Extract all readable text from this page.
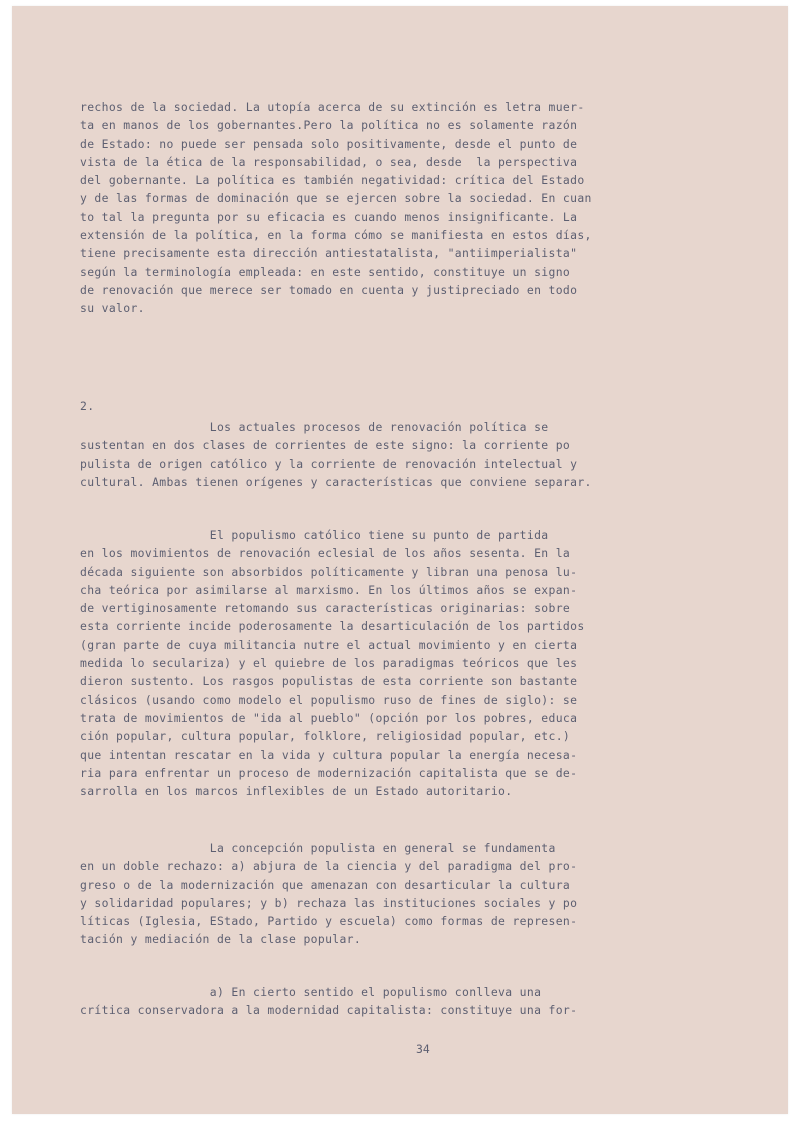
rechos de la sociedad. La utopía acerca de su extinción es letra muer-
ta en manos de los gobernantes.Pero la política no es solamente razón
de Estado: no puede ser pensada solo positivamente, desde el punto de
vista de la ética de la responsabilidad, o sea, desde  la perspectiva
del gobernante. La política es también negatividad: crítica del Estado
y de las formas de dominación que se ejercen sobre la sociedad. En cuan
to tal la pregunta por su eficacia es cuando menos insignificante. La
extensión de la política, en la forma cómo se manifiesta en estos días,
tiene precisamente esta dirección antiestatalista, "antiimperialista"
según la terminología empleada: en este sentido, constituye un signo
de renovación que merece ser tomado en cuenta y justipreciado en todo
su valor.

2.

Los actuales procesos de renovación política se
sustentan en dos clases de corrientes de este signo: la corriente po
pulista de origen católico y la corriente de renovación intelectual y
cultural. Ambas tienen orígenes y características que conviene separar.
El populismo católico tiene su punto de partida
en los movimientos de renovación eclesial de los años sesenta. En la
década siguiente son absorbidos políticamente y libran una penosa lu-
cha teórica por asimilarse al marxismo. En los últimos años se expan-
de vertiginosamente retomando sus características originarias: sobre
esta corriente incide poderosamente la desarticulación de los partidos
(gran parte de cuya militancia nutre el actual movimiento y en cierta
medida lo seculariza) y el quiebre de los paradigmas teóricos que les
dieron sustento. Los rasgos populistas de esta corriente son bastante
clásicos (usando como modelo el populismo ruso de fines de siglo): se
trata de movimientos de "ida al pueblo" (opción por los pobres, educa
ción popular, cultura popular, folklore, religiosidad popular, etc.)
que intentan rescatar en la vida y cultura popular la energía necesa-
ria para enfrentar un proceso de modernización capitalista que se de-
sarrolla en los marcos inflexibles de un Estado autoritario.
La concepción populista en general se fundamenta
en un doble rechazo: a) abjura de la ciencia y del paradigma del pro-
greso o de la modernización que amenazan con desarticular la cultura
y solidaridad populares; y b) rechaza las instituciones sociales y po
líticas (Iglesia, EStado, Partido y escuela) como formas de represen-
tación y mediación de la clase popular.
a) En cierto sentido el populismo conlleva una
crítica conservadora a la modernidad capitalista: constituye una for-

34
